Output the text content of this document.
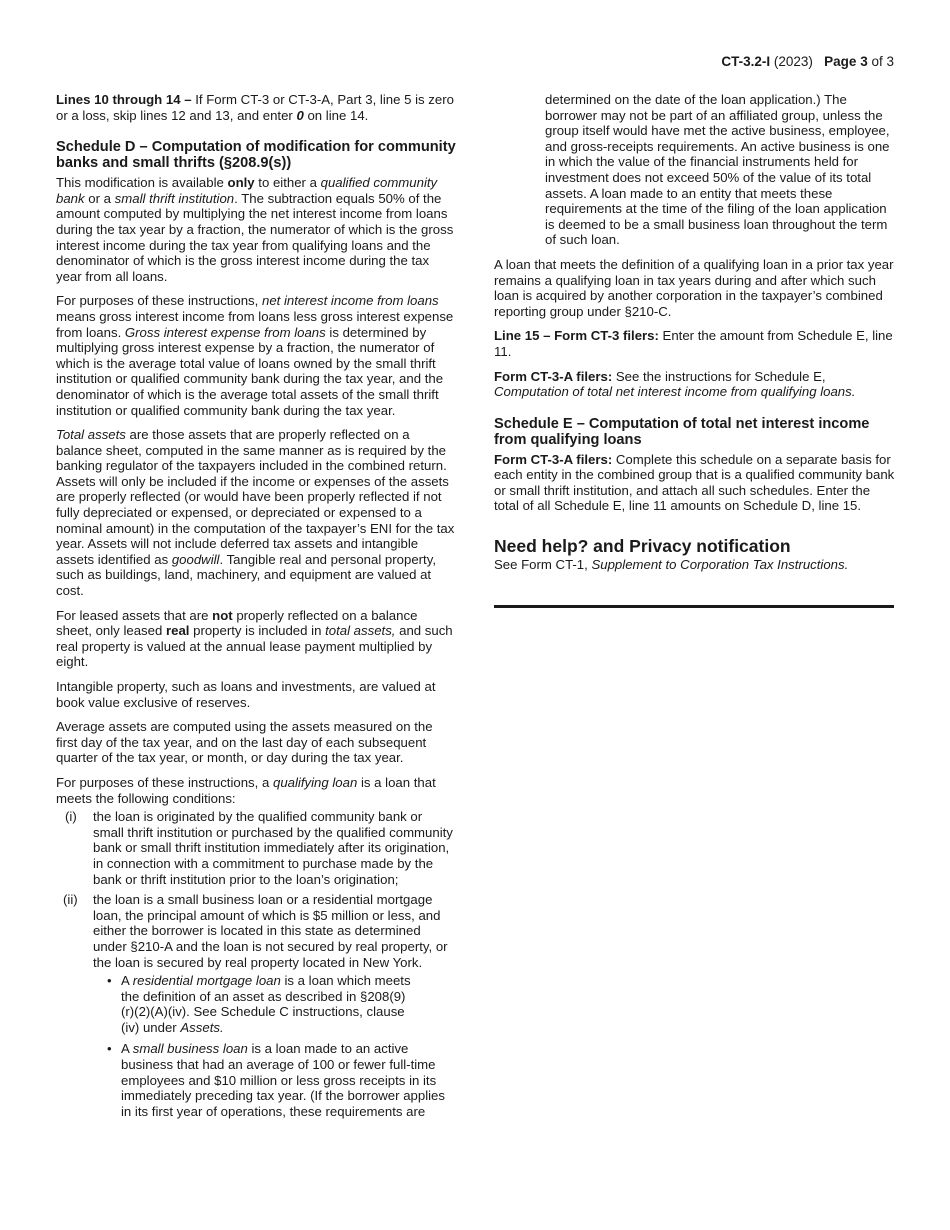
CT-3.2-I (2023) Page 3 of 3

Lines 10 through 14 – If Form CT-3 or CT-3-A, Part 3, line 5 is zero or a loss, skip lines 12 and 13, and enter 0 on line 14.

Schedule D – Computation of modification for community banks and small thrifts (§208.9(s))

This modification is available only to either a qualified community bank or a small thrift institution. The subtraction equals 50% of the amount computed by multiplying the net interest income from loans during the tax year by a fraction, the numerator of which is the gross interest income during the tax year from qualifying loans and the denominator of which is the gross interest income during the tax year from all loans.

For purposes of these instructions, net interest income from loans means gross interest income from loans less gross interest expense from loans. Gross interest expense from loans is determined by multiplying gross interest expense by a fraction, the numerator of which is the average total value of loans owned by the small thrift institution or qualified community bank during the tax year, and the denominator of which is the average total assets of the small thrift institution or qualified community bank during the tax year.

Total assets are those assets that are properly reflected on a balance sheet, computed in the same manner as is required by the banking regulator of the taxpayers included in the combined return. Assets will only be included if the income or expenses of the assets are properly reflected (or would have been properly reflected if not fully depreciated or expensed, or depreciated or expensed to a nominal amount) in the computation of the taxpayer’s ENI for the tax year. Assets will not include deferred tax assets and intangible assets identified as goodwill. Tangible real and personal property, such as buildings, land, machinery, and equipment are valued at cost.

For leased assets that are not properly reflected on a balance sheet, only leased real property is included in total assets, and such real property is valued at the annual lease payment multiplied by eight.

Intangible property, such as loans and investments, are valued at book value exclusive of reserves.

Average assets are computed using the assets measured on the first day of the tax year, and on the last day of each subsequent quarter of the tax year, or month, or day during the tax year.

For purposes of these instructions, a qualifying loan is a loan that meets the following conditions:

(i) the loan is originated by the qualified community bank or small thrift institution or purchased by the qualified community bank or small thrift institution immediately after its origination, in connection with a commitment to purchase made by the bank or thrift institution prior to the loan’s origination;
(ii) the loan is a small business loan or a residential mortgage loan, the principal amount of which is $5 million or less, and either the borrower is located in this state as determined under §210-A and the loan is not secured by real property, or the loan is secured by real property located in New York.
• A residential mortgage loan is a loan which meets the definition of an asset as described in §208(9)(r)(2)(A)(iv). See Schedule C instructions, clause (iv) under Assets.
• A small business loan is a loan made to an active business that had an average of 100 or fewer full-time employees and $10 million or less gross receipts in its immediately preceding tax year. (If the borrower applies in its first year of operations, these requirements are
determined on the date of the loan application.) The borrower may not be part of an affiliated group, unless the group itself would have met the active business, employee, and gross-receipts requirements. An active business is one in which the value of the financial instruments held for investment does not exceed 50% of the value of its total assets. A loan made to an entity that meets these requirements at the time of the filing of the loan application is deemed to be a small business loan throughout the term of such loan.

A loan that meets the definition of a qualifying loan in a prior tax year remains a qualifying loan in tax years during and after which such loan is acquired by another corporation in the taxpayer’s combined reporting group under §210-C.

Line 15 – Form CT-3 filers: Enter the amount from Schedule E, line 11.

Form CT-3-A filers: See the instructions for Schedule E, Computation of total net interest income from qualifying loans.

Schedule E – Computation of total net interest income from qualifying loans

Form CT-3-A filers: Complete this schedule on a separate basis for each entity in the combined group that is a qualified community bank or small thrift institution, and attach all such schedules. Enter the total of all Schedule E, line 11 amounts on Schedule D, line 15.

Need help? and Privacy notification

See Form CT-1, Supplement to Corporation Tax Instructions.
